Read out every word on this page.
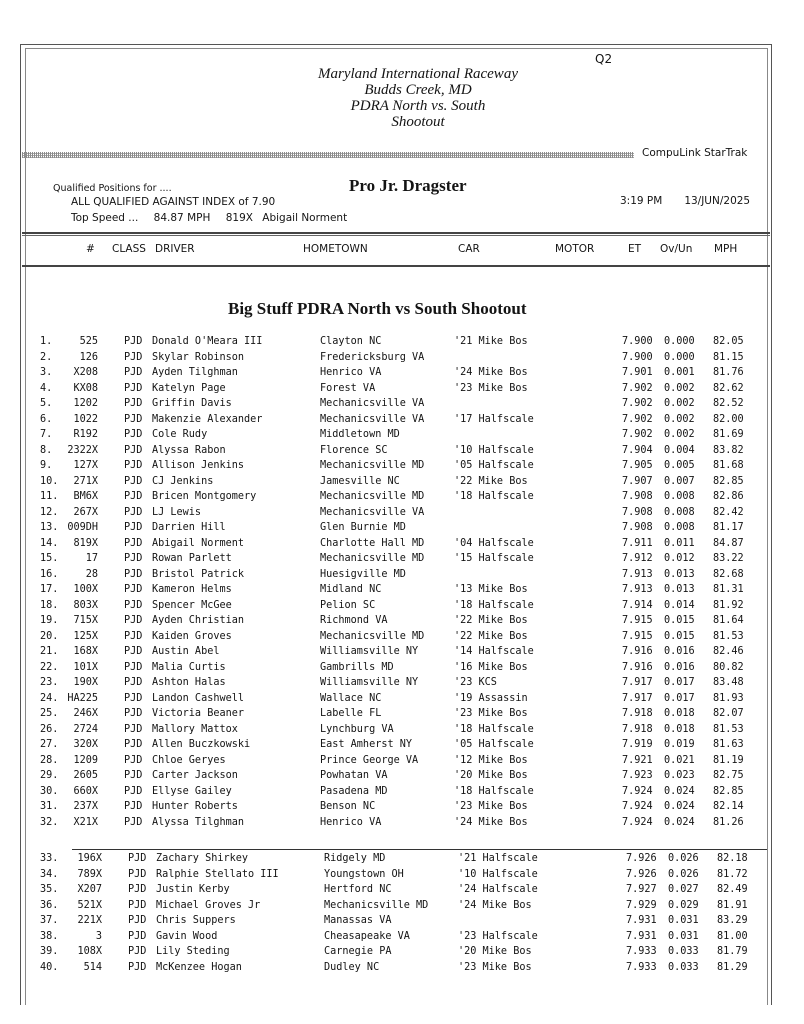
Q2
Maryland International Raceway
Budds Creek, MD
PDRA North vs. South
Shootout
CompuLink StarTrak
Qualified Positions for ....
ALL QUALIFIED AGAINST INDEX of 7.90
Top Speed ... 84.87 MPH 819X Abigail Norment
Pro Jr. Dragster
3:19 PM 13/JUN/2025
# CLASS DRIVER	HOMETOWN	CAR	MOTOR	ET Ov/Un MPH
Big Stuff PDRA North vs South Shootout
1.	525	PJD Donald O'Meara III	Clayton NC	'21 Mike Bos	7.900 0.000 82.05
2.	126	PJD Skylar Robinson	Fredericksburg VA	7.900 0.000 81.15
3.	X208	PJD Ayden Tilghman	Henrico VA	'24 Mike Bos	7.901 0.001 81.76
4.	KX08	PJD Katelyn Page	Forest VA	'23 Mike Bos	7.902 0.002 82.62
5.	1202	PJD Griffin Davis	Mechanicsville VA	7.902 0.002 82.52
6.	1022	PJD Makenzie Alexander	Mechanicsville VA	'17 Halfscale	7.902 0.002 82.00
7.	R192	PJD Cole Rudy	Middletown MD	7.902 0.002 81.69
8.	2322X	PJD Alyssa Rabon	Florence SC	'10 Halfscale	7.904 0.004 83.82
9.	127X	PJD Allison Jenkins	Mechanicsville MD	'05 Halfscale	7.905 0.005 81.68
10.	271X	PJD CJ Jenkins	Jamesville NC	'22 Mike Bos	7.907 0.007 82.85
11.	BM6X	PJD Bricen Montgomery	Mechanicsville MD	'18 Halfscale	7.908 0.008 82.86
12.	267X	PJD LJ Lewis	Mechanicsville VA	7.908 0.008 82.42
13. 009DH	PJD Darrien Hill	Glen Burnie MD	7.908 0.008 81.17
14.	819X	PJD Abigail Norment	Charlotte Hall MD	'04 Halfscale	7.911 0.011 84.87
15.	17	PJD Rowan Parlett	Mechanicsville MD	'15 Halfscale	7.912 0.012 83.22
16.	28	PJD Bristol Patrick	Huesigville MD	7.913 0.013 82.68
17.	100X	PJD Kameron Helms	Midland NC	'13 Mike Bos	7.913 0.013 81.31
18.	803X	PJD Spencer McGee	Pelion SC	'18 Halfscale	7.914 0.014 81.92
19.	715X	PJD Ayden Christian	Richmond VA	'22 Mike Bos	7.915 0.015 81.64
20.	125X	PJD Kaiden Groves	Mechanicsville MD	'22 Mike Bos	7.915 0.015 81.53
21.	168X	PJD Austin Abel	Williamsville NY	'14 Halfscale	7.916 0.016 82.46
22.	101X	PJD Malia Curtis	Gambrills MD	'16 Mike Bos	7.916 0.016 80.82
23.	190X	PJD Ashton Halas	Williamsville NY	'23 KCS	7.917 0.017 83.48
24. HA225	PJD Landon Cashwell	Wallace NC	'19 Assassin	7.917 0.017 81.93
25.	246X	PJD Victoria Beaner	Labelle FL	'23 Mike Bos	7.918 0.018 82.07
26.	2724	PJD Mallory Mattox	Lynchburg VA	'18 Halfscale	7.918 0.018 81.53
27.	320X	PJD Allen Buczkowski	East Amherst NY	'05 Halfscale	7.919 0.019 81.63
28.	1209	PJD Chloe Geryes	Prince George VA	'12 Mike Bos	7.921 0.021 81.19
29.	2605	PJD Carter Jackson	Powhatan VA	'20 Mike Bos	7.923 0.023 82.75
30.	660X	PJD Ellyse Gailey	Pasadena MD	'18 Halfscale	7.924 0.024 82.85
31.	237X	PJD Hunter Roberts	Benson NC	'23 Mike Bos	7.924 0.024 82.14
32.	X21X	PJD Alyssa Tilghman	Henrico VA	'24 Mike Bos	7.924 0.024 81.26
33.	196X	PJD Zachary Shirkey	Ridgely MD	'21 Halfscale	7.926 0.026 82.18
34.	789X	PJD Ralphie Stellato III	Youngstown OH	'10 Halfscale	7.926 0.026 81.72
35.	X207	PJD Justin Kerby	Hertford NC	'24 Halfscale	7.927 0.027 82.49
36.	521X	PJD Michael Groves Jr	Mechanicsville MD	'24 Mike Bos	7.929 0.029 81.91
37.	221X	PJD Chris Suppers	Manassas VA	7.931 0.031 83.29
38.	3	PJD Gavin Wood	Cheasapeake VA	'23 Halfscale	7.931 0.031 81.00
39.	108X	PJD Lily Steding	Carnegie PA	'20 Mike Bos	7.933 0.033 81.79
40.	514	PJD McKenzee Hogan	Dudley NC	'23 Mike Bos	7.933 0.033 81.29
